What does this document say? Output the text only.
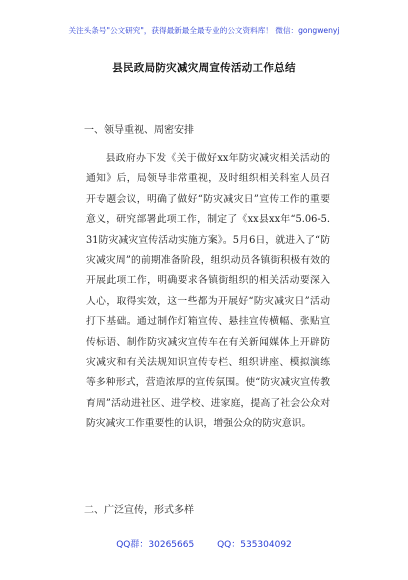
关注头条号"公文研究"，获得最新最全最专业的公文资料库！ 微信：gongwenyj
县民政局防灾减灾周宣传活动工作总结
一、领导重视、周密安排

县政府办下发《关于做好xx年防灾减灾相关活动的通知》后，局领导非常重视，及时组织相关科室人员召开专题会议，明确了做好“防灾减灾日”宣传工作的重要意义，研究部署此项工作，制定了《xx县xx年“5.06-5.31防灾减灾宣传活动实施方案》。5月6日，就进入了“防灾减灾周”的前期准备阶段，组织动员各镇街积极有效的开展此项工作，明确要求各镇街组织的相关活动要深入人心，取得实效，这一些都为开展好“防灾减灾日”活动打下基础。通过制作灯箱宣传、悬挂宣传横幅、张贴宣传标语、制作防灾减灾宣传车在有关新闻媒体上开辟防灾减灾和有关法规知识宣传专栏、组织讲座、模拟演练等多种形式，营造浓厚的宣传氛围。使“防灾减灾宣传教育周”活动进社区、进学校、进家庭，提高了社会公众对防灾减灾工作重要性的认识，增强公众的防灾意识。

二、广泛宣传，形式多样
QQ群：30265665	QQ：535304092
